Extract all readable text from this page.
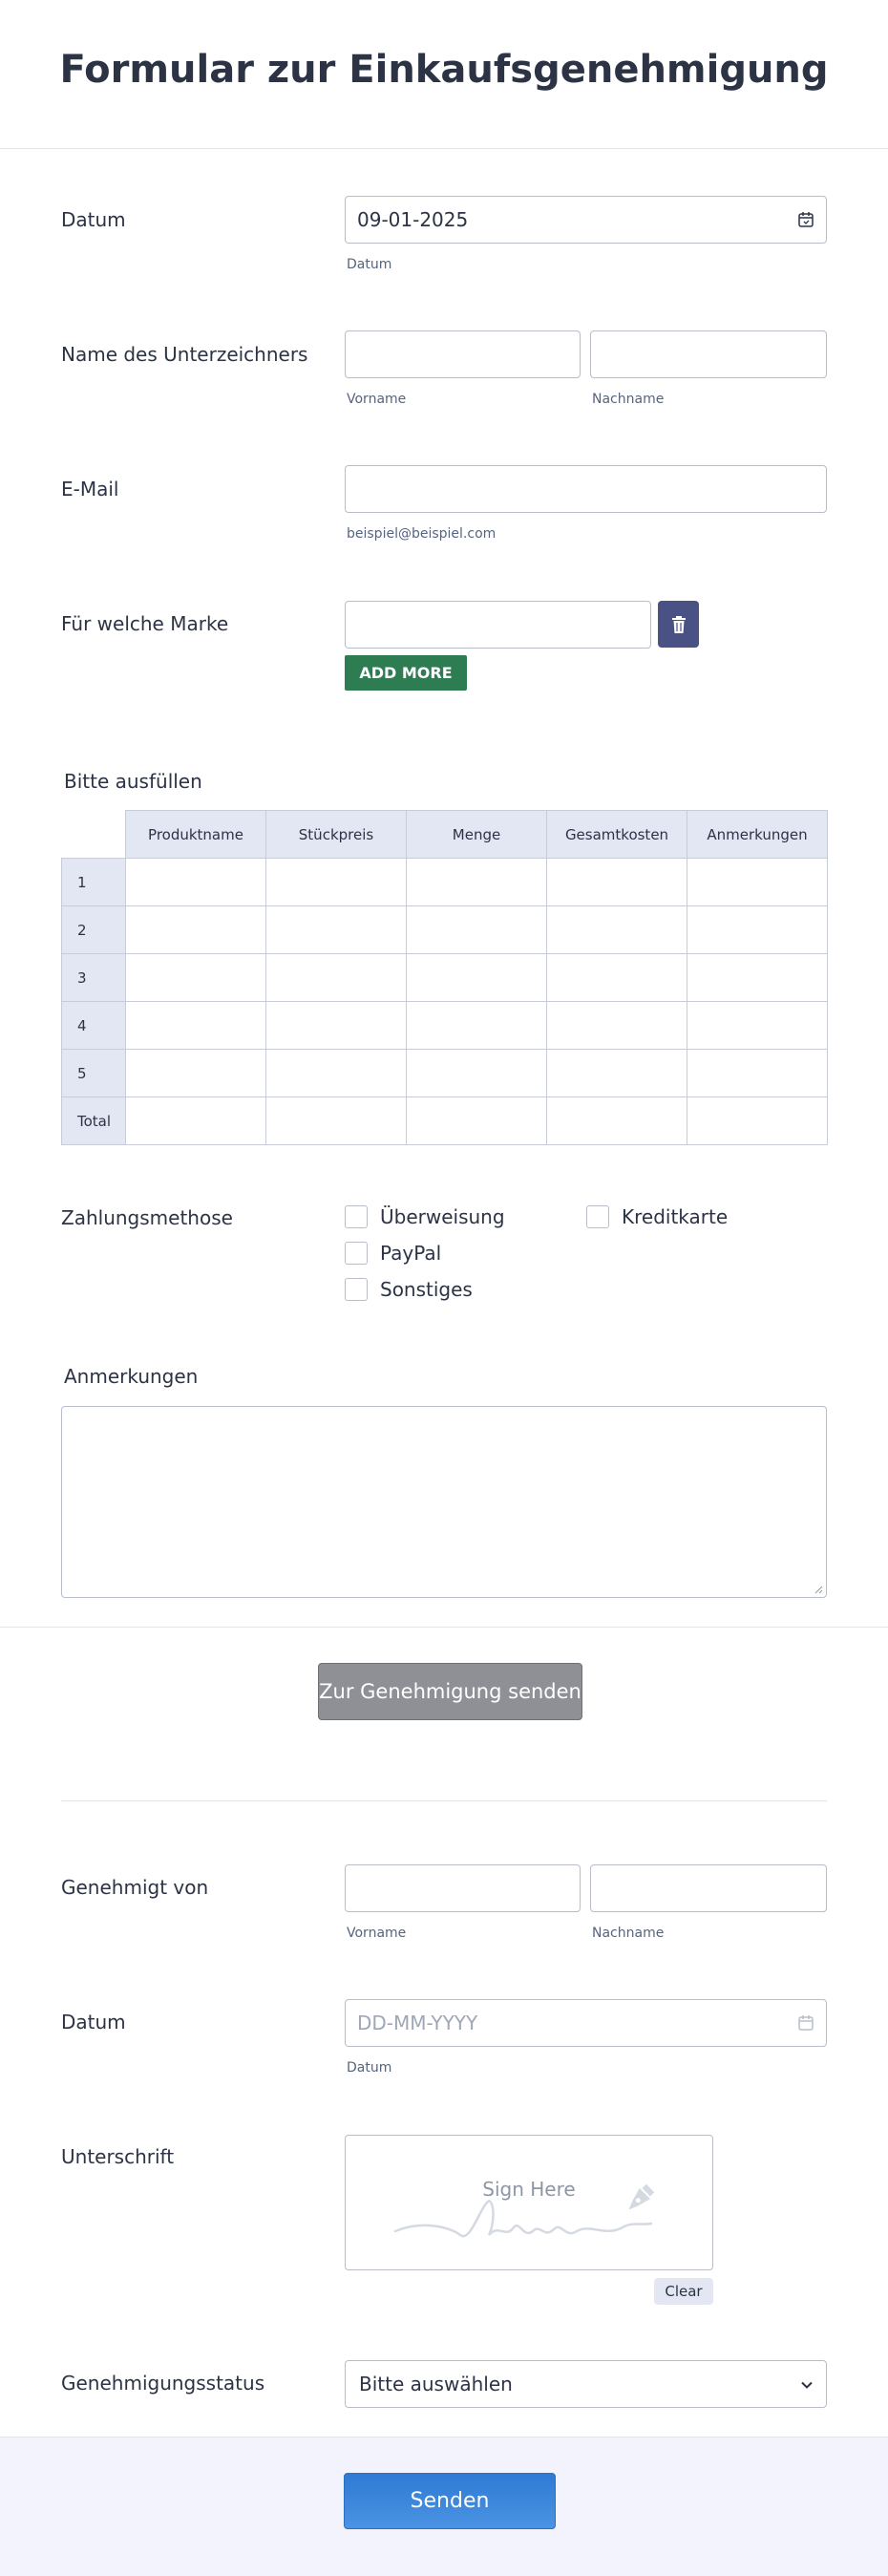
Formular zur Einkaufsgenehmigung
Datum	09-01-2025
Datum
Name des Unterzeichners
Vorname	Nachname
E-Mail
beispiel@beispiel.com
Für welche Marke
ADD MORE
Bitte ausfüllen
	Produktname	Stückpreis	Menge	Gesamtkosten	Anmerkungen
1					
2					
3					
4					
5					
Total					
Zahlungsmethose	Überweisung	Kreditkarte
PayPal
Sonstiges
Anmerkungen
Zur Genehmigung senden
Genehmigt von
Vorname	Nachname
Datum	DD-MM-YYYY
Datum
Unterschrift
Sign Here
Clear
Genehmigungsstatus	Bitte auswählen
Senden
